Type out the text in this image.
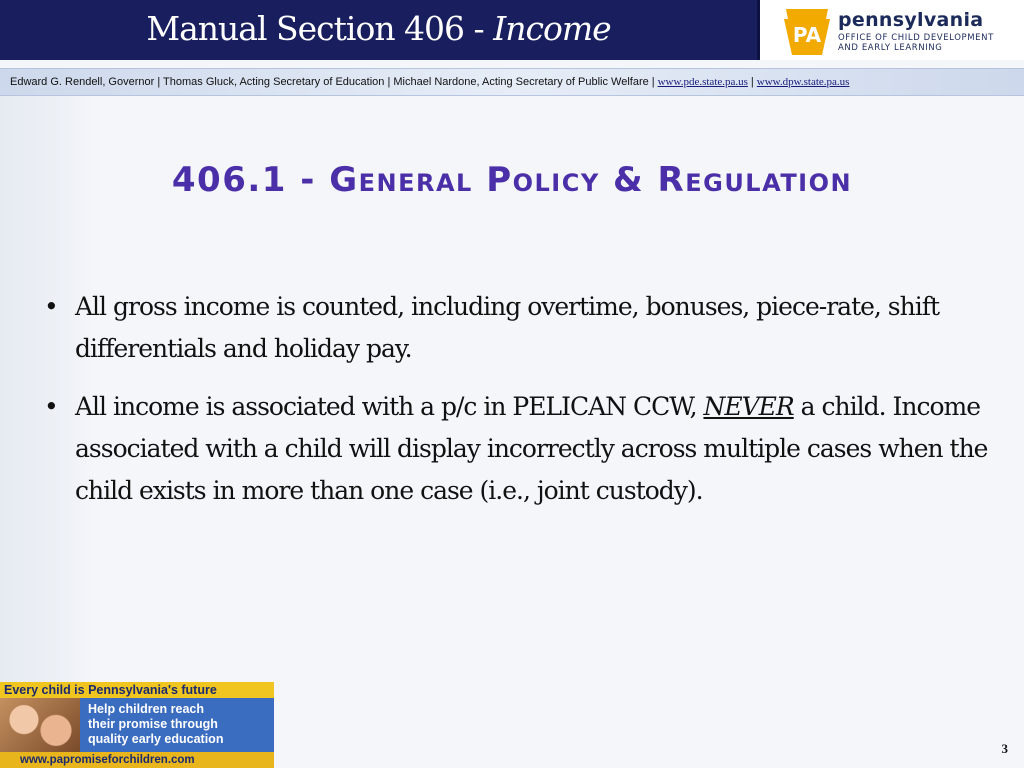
Manual Section 406 - Income	PA
pennsylvania
OFFICE OF CHILD DEVELOPMENT AND EARLY LEARNING
Edward G. Rendell, Governor | Thomas Gluck, Acting Secretary of Education | Michael Nardone, Acting Secretary of Public Welfare | www.pde.state.pa.us | www.dpw.state.pa.us
406.1 - General Policy & Regulation
• All gross income is counted, including overtime, bonuses, piece-rate, shift differentials and holiday pay.
• All income is associated with a p/c in PELICAN CCW, NEVER a child. Income associated with a child will display incorrectly across multiple cases when the child exists in more than one case (i.e., joint custody).
Every child is Pennsylvania's future
Help children reach
their promise through
quality early education
www.papromiseforchildren.com
3
